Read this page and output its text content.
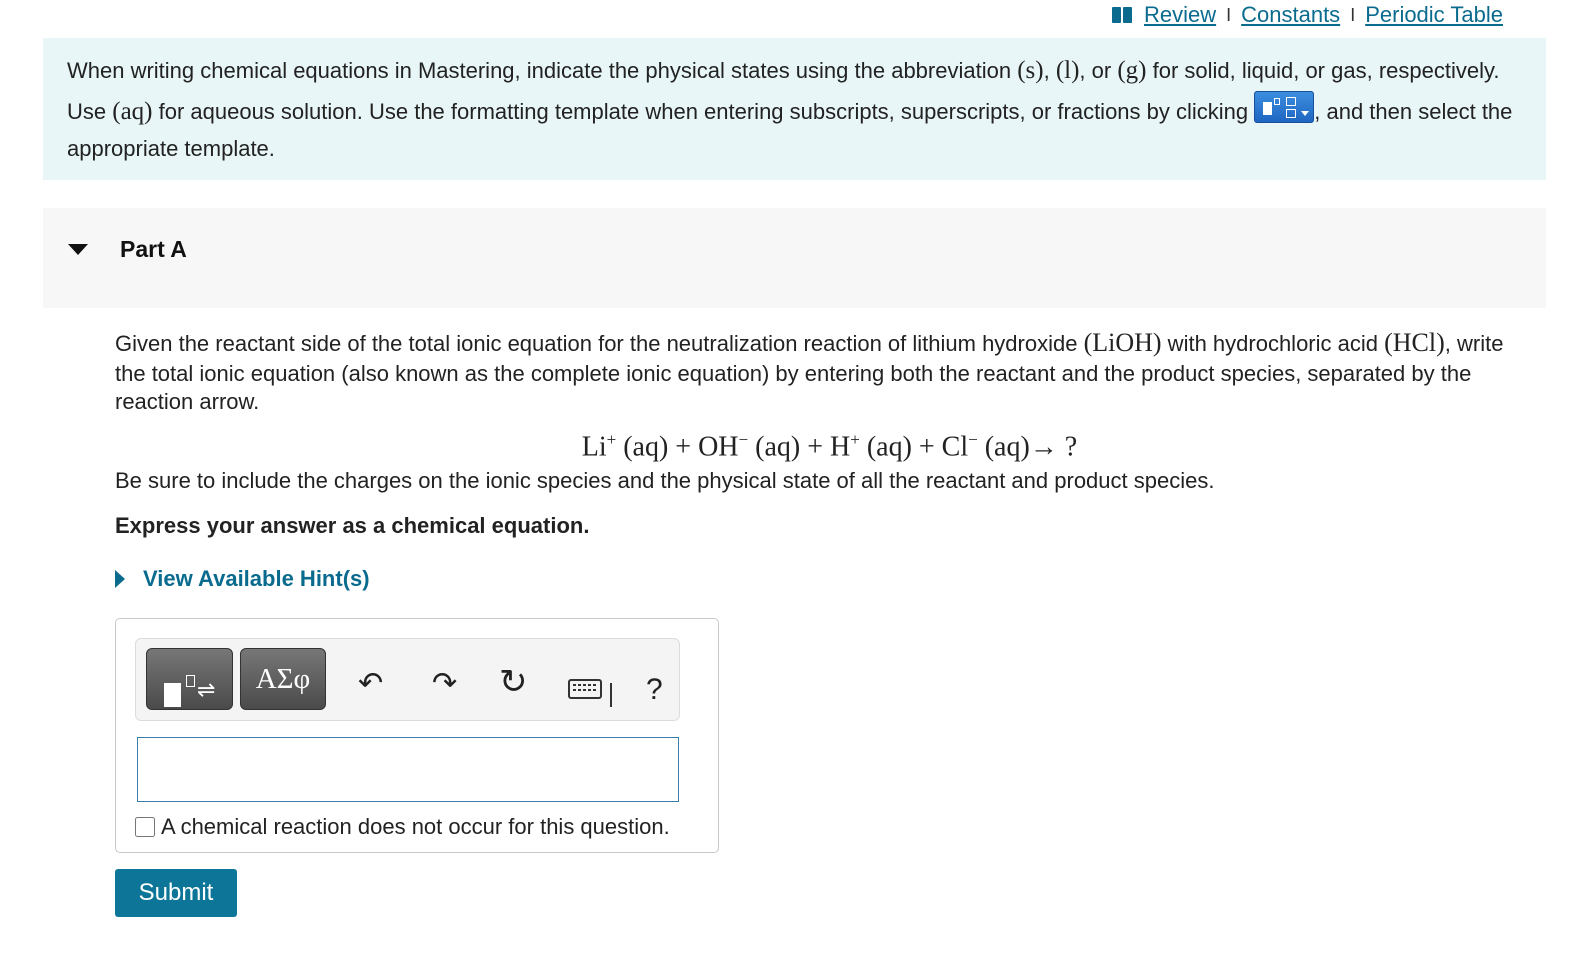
Review I Constants I Periodic Table
When writing chemical equations in Mastering, indicate the physical states using the abbreviation (s), (l), or (g) for solid, liquid, or gas, respectively. Use (aq) for aqueous solution. Use the formatting template when entering subscripts, superscripts, or fractions by clicking	, and then select the appropriate template.
Part A
Given the reactant side of the total ionic equation for the neutralization reaction of lithium hydroxide (LiOH) with hydrochloric acid (HCl), write the total ionic equation (also known as the complete ionic equation) by entering both the reactant and the product species, separated by the reaction arrow.
Li+ (aq) + OH− (aq) + H+ (aq) + Cl− (aq)→ ?
Be sure to include the charges on the ionic species and the physical state of all the reactant and product species.
Express your answer as a chemical equation.
View Available Hint(s)
⇌	ΑΣφ	↶ ↷ ↻	?
A chemical reaction does not occur for this question.
Submit
